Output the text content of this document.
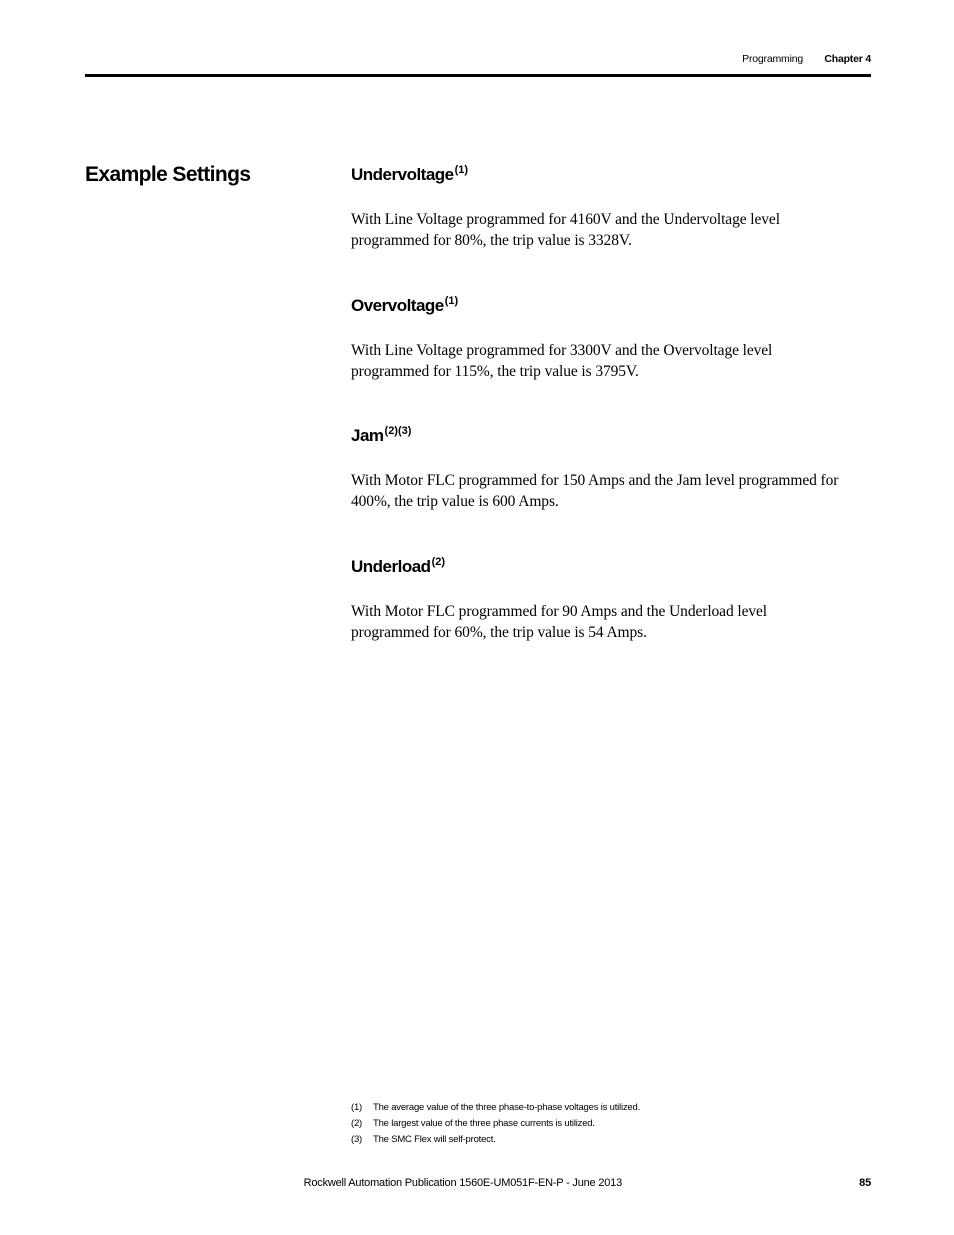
Programming Chapter 4
Example Settings	Undervoltage$^{(1)}$

With Line Voltage programmed for 4160V and the Undervoltage level
programmed for 80%, the trip value is 3328V.

Overvoltage$^{(1)}$

With Line Voltage programmed for 3300V and the Overvoltage level
programmed for 115%, the trip value is 3795V.

Jam$^{(2)(3)}$

With Motor FLC programmed for 150 Amps and the Jam level programmed for
400%, the trip value is 600 Amps.

Underload$^{(2)}$

With Motor FLC programmed for 90 Amps and the Underload level
programmed for 60%, the trip value is 54 Amps.

(1) The average value of the three phase-to-phase voltages is utilized.
(2) The largest value of the three phase currents is utilized.
(3) The SMC Flex will self-protect.
Rockwell Automation Publication 1560E-UM051F-EN-P - June 2013	85
